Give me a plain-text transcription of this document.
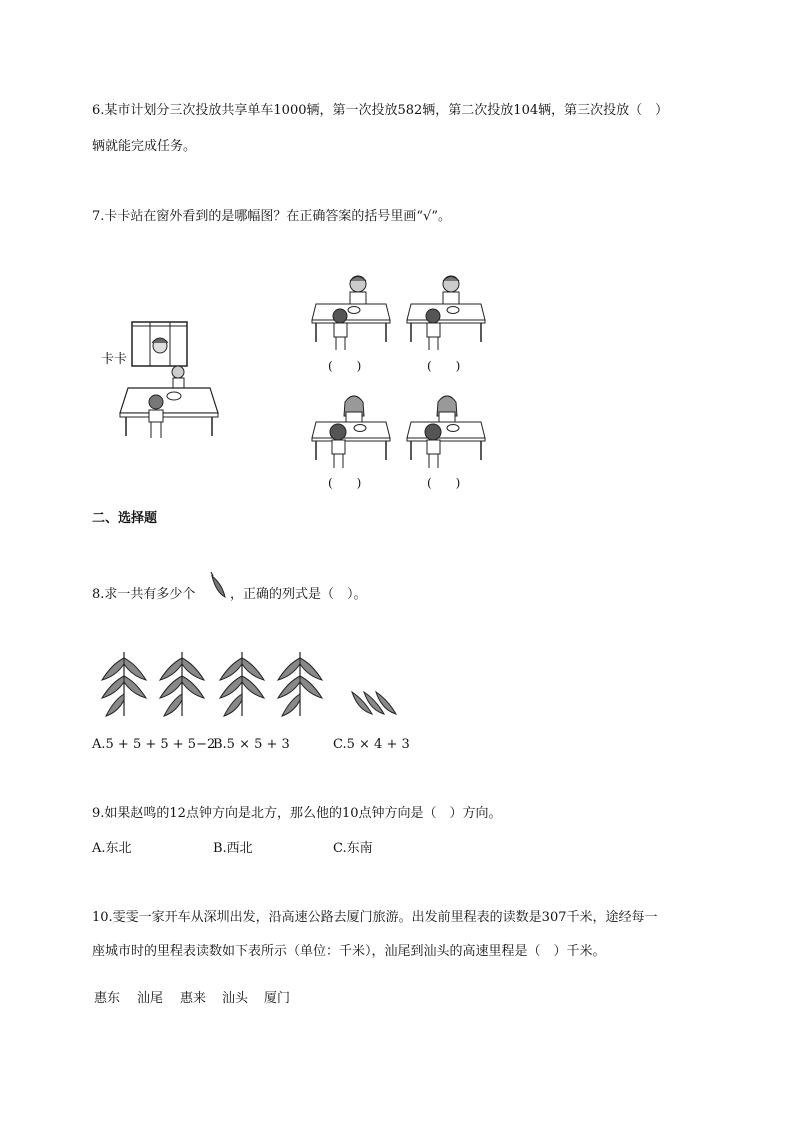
6.某市计划分三次投放共享单车1000辆，第一次投放582辆，第二次投放104辆，第三次投放（　）
辆就能完成任务。
7.卡卡站在窗外看到的是哪幅图？在正确答案的括号里画“√”。
卡卡	(　　)	(　　)
(　　)	(　　)
二、选择题
8.求一共有多少个	，正确的列式是（　）。
A.5 + 5 + 5 + 5−2
B.5 × 5 + 3	C.5 × 4 + 3
9.如果赵鸣的12点钟方向是北方，那么他的10点钟方向是（　）方向。
A.东北	B.西北	C.东南
10.雯雯一家开车从深圳出发，沿高速公路去厦门旅游。出发前里程表的读数是307千米，途经每一
座城市时的里程表读数如下表所示（单位：千米），汕尾到汕头的高速里程是（　）千米。
惠东 汕尾 惠来 汕头 厦门
